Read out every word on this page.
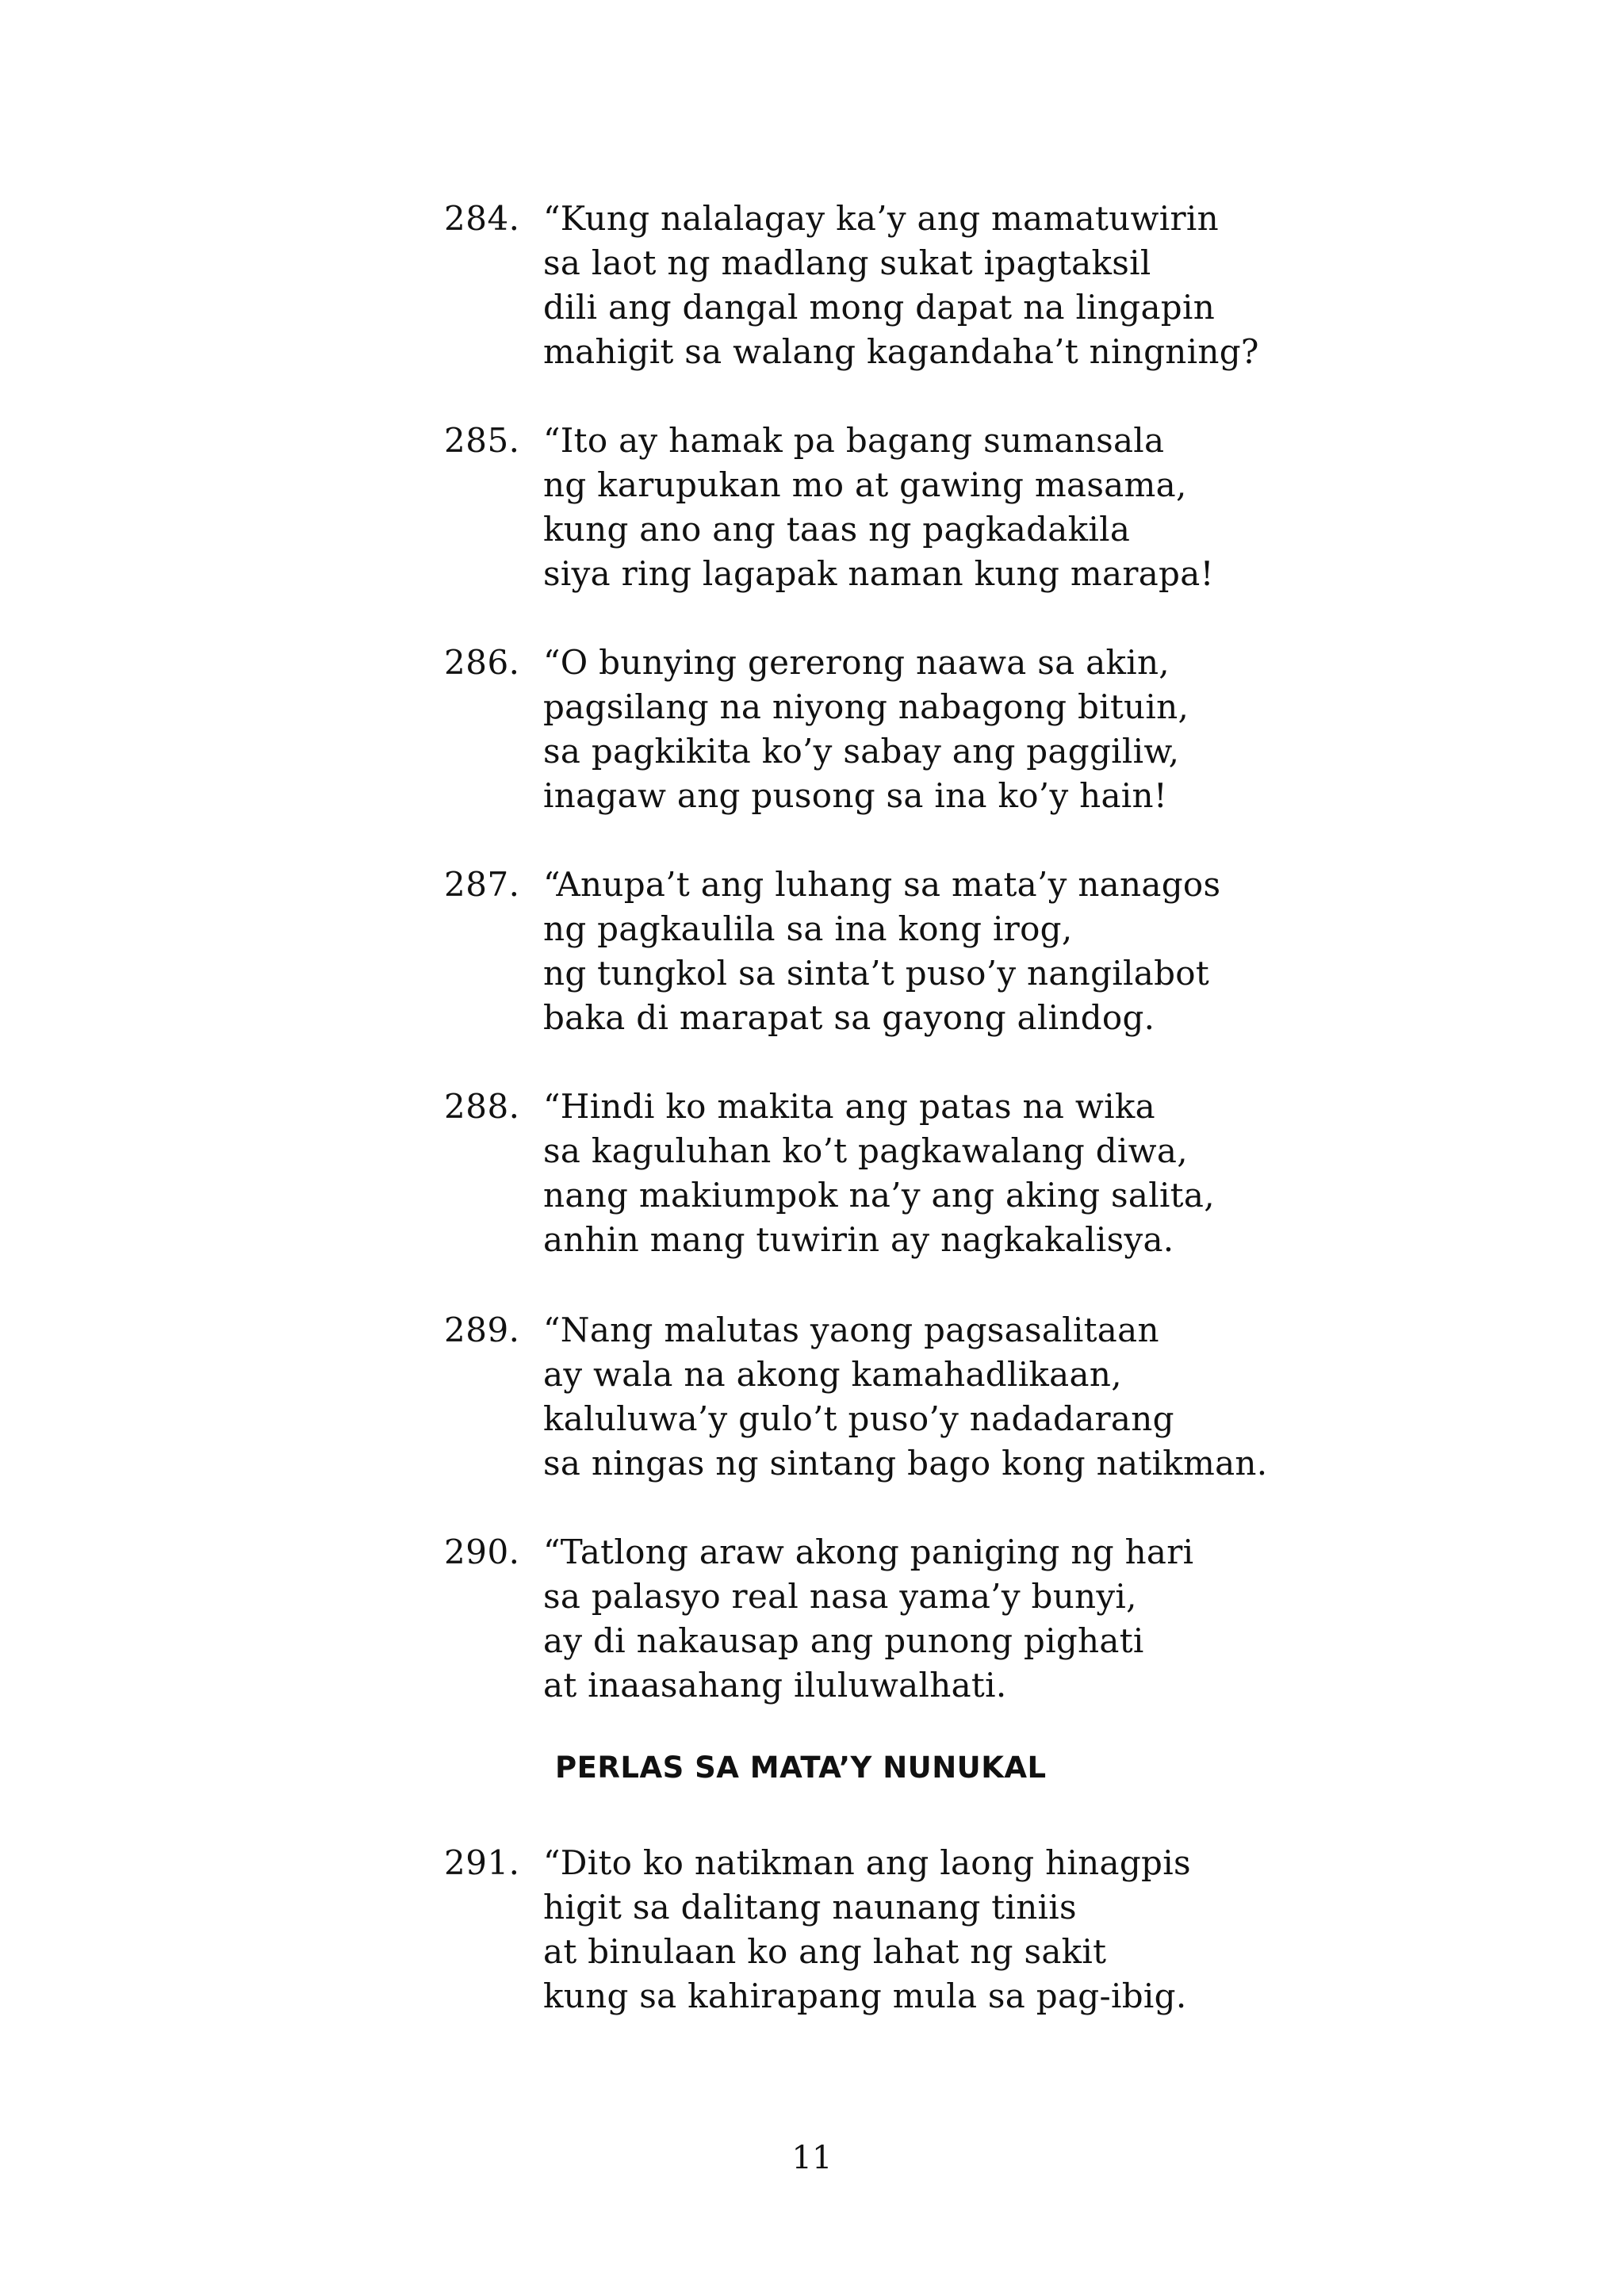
284. “Kung nalalagay ka’y ang mamatuwirin
sa laot ng madlang sukat ipagtaksil
dili ang dangal mong dapat na lingapin
mahigit sa walang kagandaha’t ningning?
285. “Ito ay hamak pa bagang sumansala
ng karupukan mo at gawing masama,
kung ano ang taas ng pagkadakila
siya ring lagapak naman kung marapa!
286. “O bunying gererong naawa sa akin,
pagsilang na niyong nabagong bituin,
sa pagkikita ko’y sabay ang paggiliw,
inagaw ang pusong sa ina ko’y hain!
287. “Anupa’t ang luhang sa mata’y nanagos
ng pagkaulila sa ina kong irog,
ng tungkol sa sinta’t puso’y nangilabot
baka di marapat sa gayong alindog.
288. “Hindi ko makita ang patas na wika
sa kaguluhan ko’t pagkawalang diwa,
nang makiumpok na’y ang aking salita,
anhin mang tuwirin ay nagkakalisya.
289. “Nang malutas yaong pagsasalitaan
ay wala na akong kamahadlikaan,
kaluluwa’y gulo’t puso’y nadadarang
sa ningas ng sintang bago kong natikman.
290. “Tatlong araw akong paniging ng hari
sa palasyo real nasa yama’y bunyi,
ay di nakausap ang punong pighati
at inaasahang iluluwalhati.
PERLAS SA MATA’Y NUNUKAL
291. “Dito ko natikman ang laong hinagpis
higit sa dalitang naunang tiniis
at binulaan ko ang lahat ng sakit
kung sa kahirapang mula sa pag-ibig.
11
